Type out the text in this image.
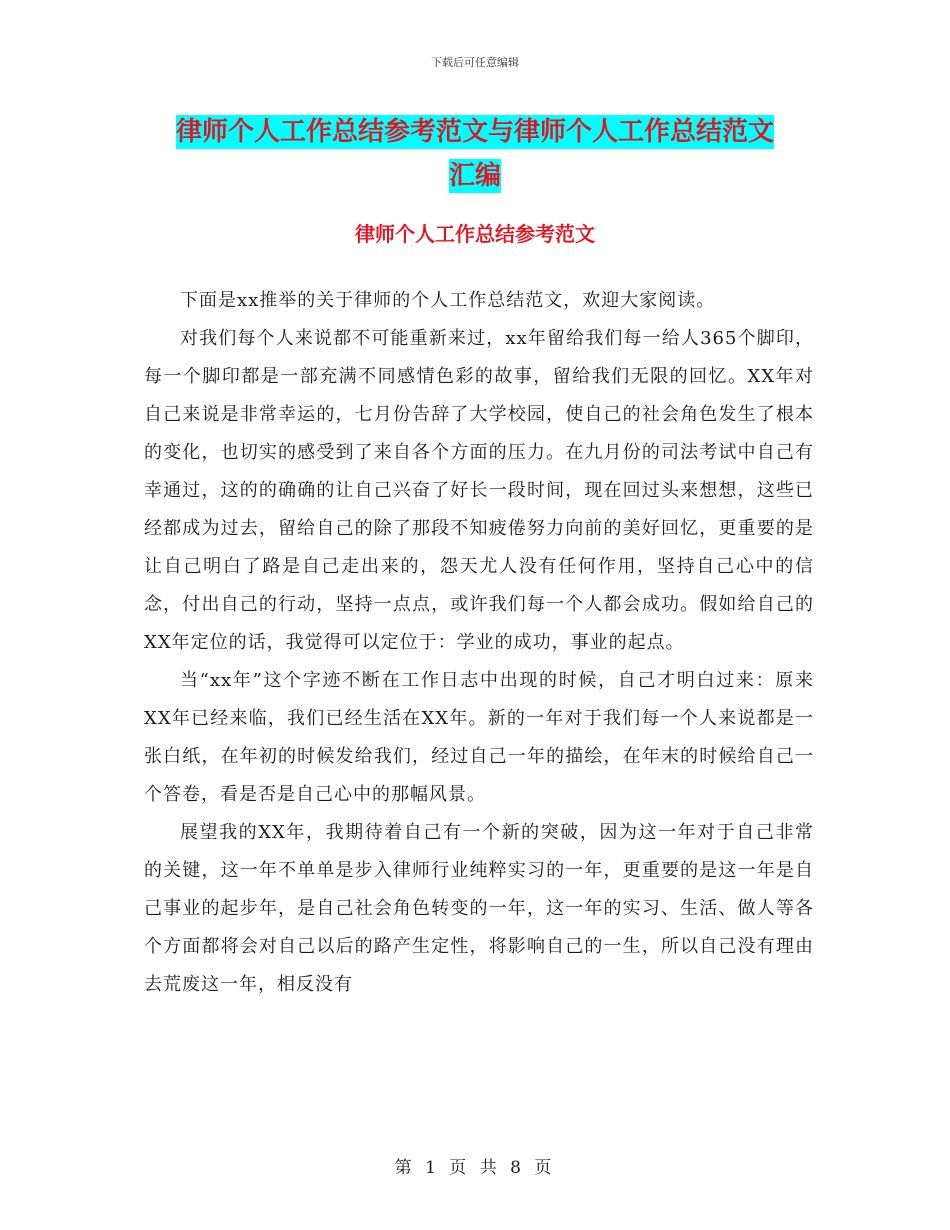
下载后可任意编辑
律师个人工作总结参考范文与律师个人工作总结范文
汇编
律师个人工作总结参考范文

下面是xx推举的关于律师的个人工作总结范文，欢迎大家阅读。

对我们每个人来说都不可能重新来过，xx年留给我们每一给人365个脚印，每一个脚印都是一部充满不同感情色彩的故事，留给我们无限的回忆。XX年对自己来说是非常幸运的，七月份告辞了大学校园，使自己的社会角色发生了根本的变化，也切实的感受到了来自各个方面的压力。在九月份的司法考试中自己有幸通过，这的的确确的让自己兴奋了好长一段时间，现在回过头来想想，这些已经都成为过去，留给自己的除了那段不知疲倦努力向前的美好回忆，更重要的是让自己明白了路是自己走出来的，怨天尤人没有任何作用，坚持自己心中的信念，付出自己的行动，坚持一点点，或许我们每一个人都会成功。假如给自己的XX年定位的话，我觉得可以定位于：学业的成功，事业的起点。

当“xx年”这个字迹不断在工作日志中出现的时候，自己才明白过来：原来XX年已经来临，我们已经生活在XX年。新的一年对于我们每一个人来说都是一张白纸，在年初的时候发给我们，经过自己一年的描绘，在年末的时候给自己一个答卷，看是否是自己心中的那幅风景。

展望我的XX年，我期待着自己有一个新的突破，因为这一年对于自己非常的关键，这一年不单单是步入律师行业纯粹实习的一年，更重要的是这一年是自己事业的起步年，是自己社会角色转变的一年，这一年的实习、生活、做人等各个方面都将会对自己以后的路产生定性，将影响自己的一生，所以自己没有理由去荒废这一年，相反没有

第 1 页 共 8 页
